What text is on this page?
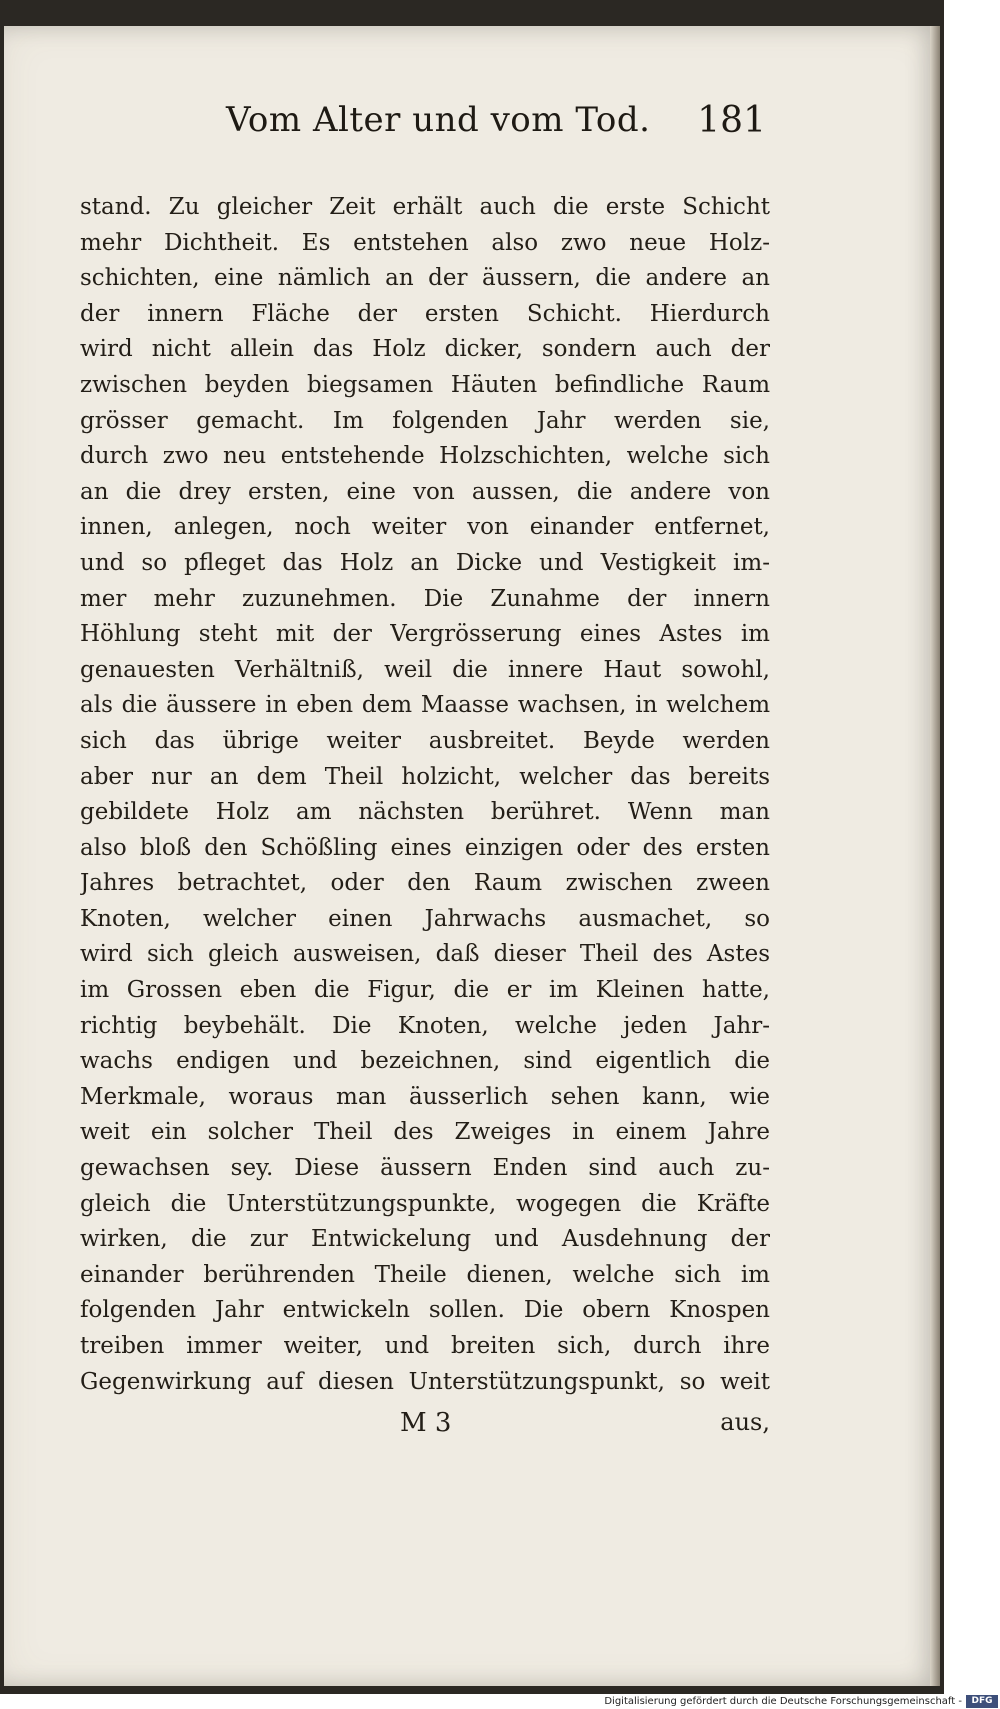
Vom Alter und vom Tod. 181
stand. Zu gleicher Zeit erhält auch die erste Schicht
mehr Dichtheit. Es entstehen also zwo neue Holz-
schichten, eine nämlich an der äussern, die andere an
der innern Fläche der ersten Schicht. Hierdurch
wird nicht allein das Holz dicker, sondern auch der
zwischen beyden biegsamen Häuten befindliche Raum
grösser gemacht. Im folgenden Jahr werden sie,
durch zwo neu entstehende Holzschichten, welche sich
an die drey ersten, eine von aussen, die andere von
innen, anlegen, noch weiter von einander entfernet,
und so pfleget das Holz an Dicke und Vestigkeit im-
mer mehr zuzunehmen. Die Zunahme der innern
Höhlung steht mit der Vergrösserung eines Astes im
genauesten Verhältniß, weil die innere Haut sowohl,
als die äussere in eben dem Maasse wachsen, in welchem
sich das übrige weiter ausbreitet. Beyde werden
aber nur an dem Theil holzicht, welcher das bereits
gebildete Holz am nächsten berühret. Wenn man
also bloß den Schößling eines einzigen oder des ersten
Jahres betrachtet, oder den Raum zwischen zween
Knoten, welcher einen Jahrwachs ausmachet, so
wird sich gleich ausweisen, daß dieser Theil des Astes
im Grossen eben die Figur, die er im Kleinen hatte,
richtig beybehält. Die Knoten, welche jeden Jahr-
wachs endigen und bezeichnen, sind eigentlich die
Merkmale, woraus man äusserlich sehen kann, wie
weit ein solcher Theil des Zweiges in einem Jahre
gewachsen sey. Diese äussern Enden sind auch zu-
gleich die Unterstützungspunkte, wogegen die Kräfte
wirken, die zur Entwickelung und Ausdehnung der
einander berührenden Theile dienen, welche sich im
folgenden Jahr entwickeln sollen. Die obern Knospen
treiben immer weiter, und breiten sich, durch ihre
Gegenwirkung auf diesen Unterstützungspunkt, so weit
M 3	aus,
Digitalisierung gefördert durch die Deutsche Forschungsgemeinschaft -	DFG
